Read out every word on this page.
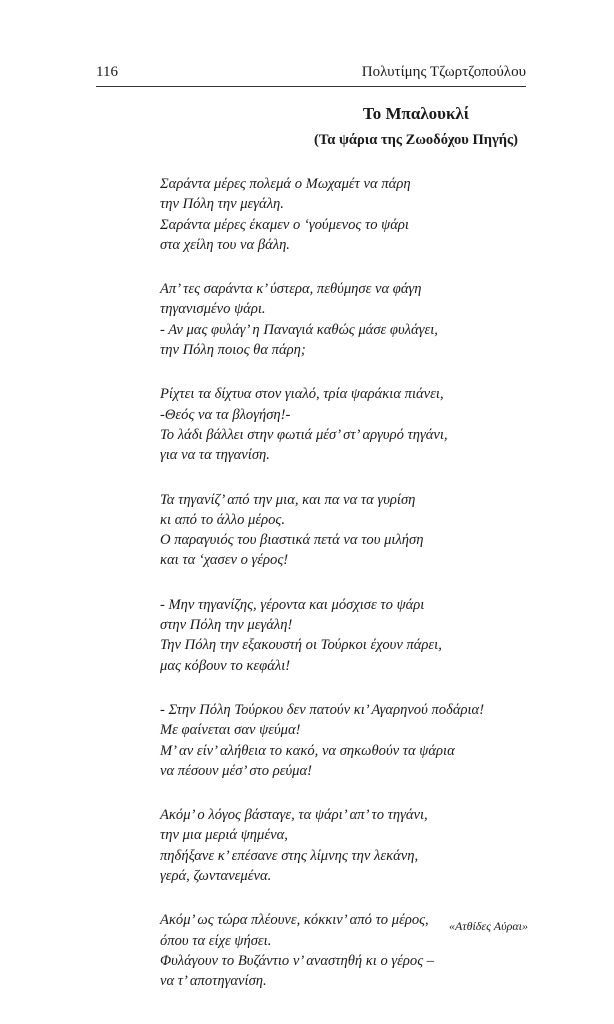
116	Πολυτίμης Τζωρτζοπούλου
Το Μπαλουκλί
(Τα ψάρια της Ζωοδόχου Πηγής)
Σαράντα μέρες πολεμά ο Μωχαμέτ να πάρη
την Πόλη την μεγάλη.
Σαράντα μέρες έκαμεν ο ‘γούμενος το ψάρι
στα χείλη του να βάλη.
Απ’ τες σαράντα κ’ ύστερα, πεθύμησε να φάγη
τηγανισμένο ψάρι.
- Αν μας φυλάγ’ η Παναγιά καθώς μάσε φυλάγει,
την Πόλη ποιος θα πάρη;
Ρίχτει τα δίχτυα στον γιαλό, τρία ψαράκια πιάνει,
-Θεός να τα βλογήση!-
Το λάδι βάλλει στην φωτιά μέσ’ στ’ αργυρό τηγάνι,
για να τα τηγανίση.
Τα τηγανίζ’ από την μια, και πα να τα γυρίση
κι από το άλλο μέρος.
Ο παραγυιός του βιαστικά πετά να του μιλήση
και τα ‘χασεν ο γέρος!
- Μην τηγανίζης, γέροντα και μόσχισε το ψάρι
στην Πόλη την μεγάλη!
Την Πόλη την εξακουστή οι Τούρκοι έχουν πάρει,
μας κόβουν το κεφάλι!
- Στην Πόλη Τούρκου δεν πατούν κι’ Αγαρηνού ποδάρια!
Με φαίνεται σαν ψεύμα!
Μ’ αν είν’ αλήθεια το κακό, να σηκωθούν τα ψάρια
να πέσουν μέσ’ στο ρεύμα!
Ακόμ’ ο λόγος βάσταγε, τα ψάρι’ απ’ το τηγάνι,
την μια μεριά ψημένα,
πηδήξανε κ’ επέσανε στης λίμνης την λεκάνη,
γερά, ζωντανεμένα.
Ακόμ’ ως τώρα πλέουνε, κόκκιν’ από το μέρος,
όπου τα είχε ψήσει.
Φυλάγουν το Βυζάντιο ν’ αναστηθή κι ο γέρος –
να τ’ αποτηγανίση.
«Ατθίδες Αύραι»
